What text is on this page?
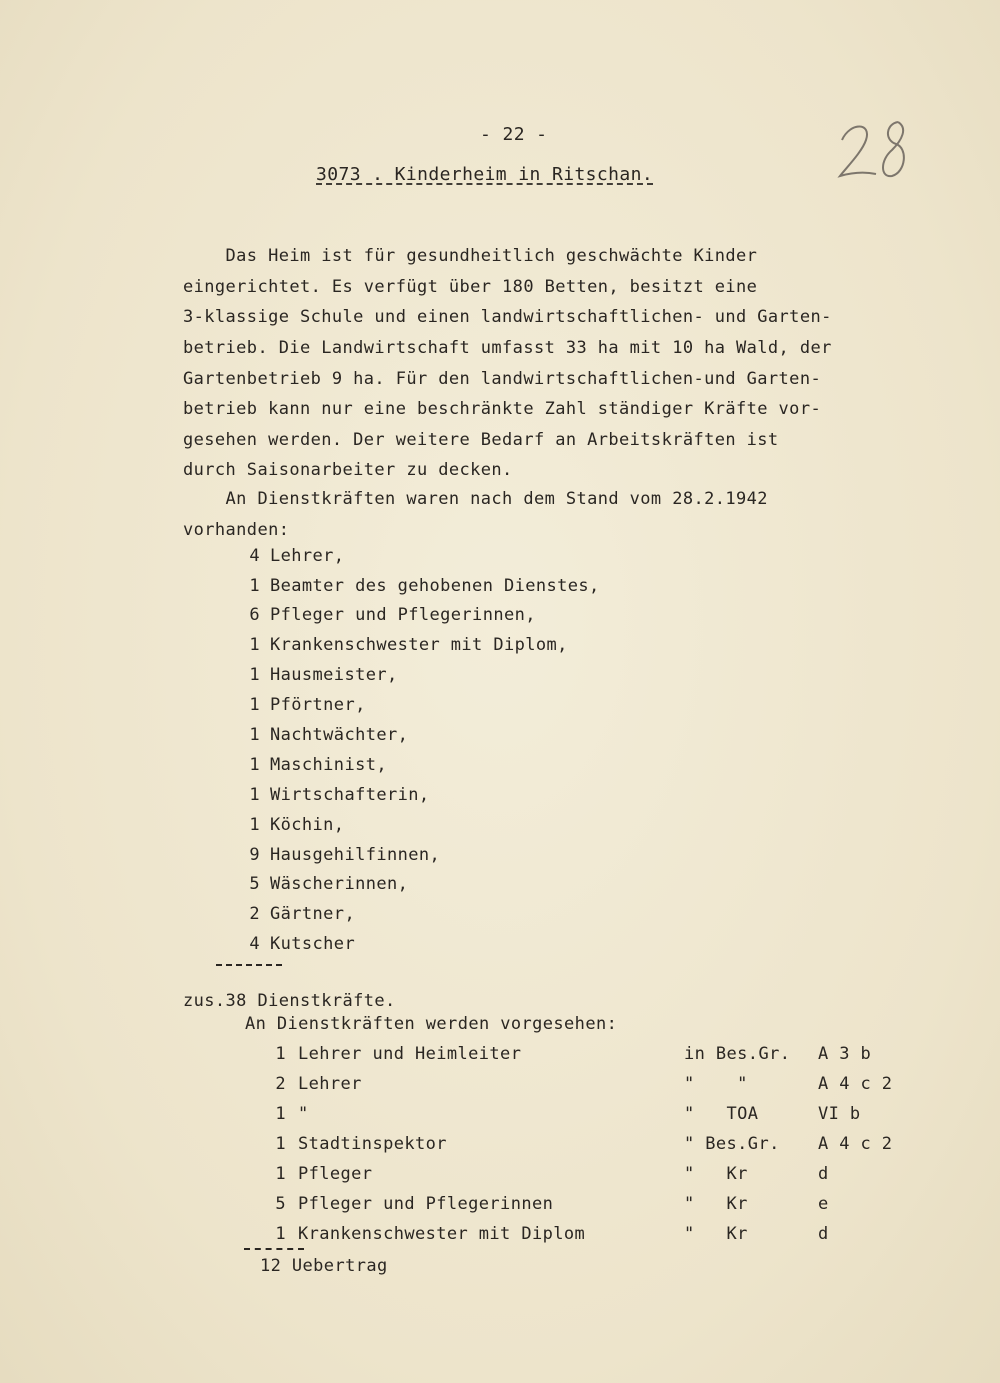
- 22 -
3073 . Kinderheim in Ritschan.
Das Heim ist für gesundheitlich geschwächte Kinder
eingerichtet. Es verfügt über 180 Betten, besitzt eine
3-klassige Schule und einen landwirtschaftlichen- und Garten-
betrieb. Die Landwirtschaft umfasst 33 ha mit 10 ha Wald, der
Gartenbetrieb 9 ha. Für den landwirtschaftlichen-und Garten-
betrieb kann nur eine beschränkte Zahl ständiger Kräfte vor-
gesehen werden. Der weitere Bedarf an Arbeitskräften ist
durch Saisonarbeiter zu decken.
An Dienstkräften waren nach dem Stand vom 28.2.1942
vorhanden:
4 Lehrer,
1 Beamter des gehobenen Dienstes,
6 Pfleger und Pflegerinnen,
1 Krankenschwester mit Diplom,
1 Hausmeister,
1 Pförtner,
1 Nachtwächter,
1 Maschinist,
1 Wirtschafterin,
1 Köchin,
9 Hausgehilfinnen,
5 Wäscherinnen,
2 Gärtner,
4 Kutscher
zus.38 Dienstkräfte.
An Dienstkräften werden vorgesehen:
1 Lehrer und Heimleiter	in Bes.Gr. A 3 b
2 Lehrer	"    "	A 4 c 2
1 "	"   TOA	VI b
1 Stadtinspektor	" Bes.Gr. A 4 c 2
1 Pfleger	"   Kr	d
5 Pfleger und Pflegerinnen	"   Kr	e
1 Krankenschwester mit Diplom	"   Kr	d
12 Uebertrag
